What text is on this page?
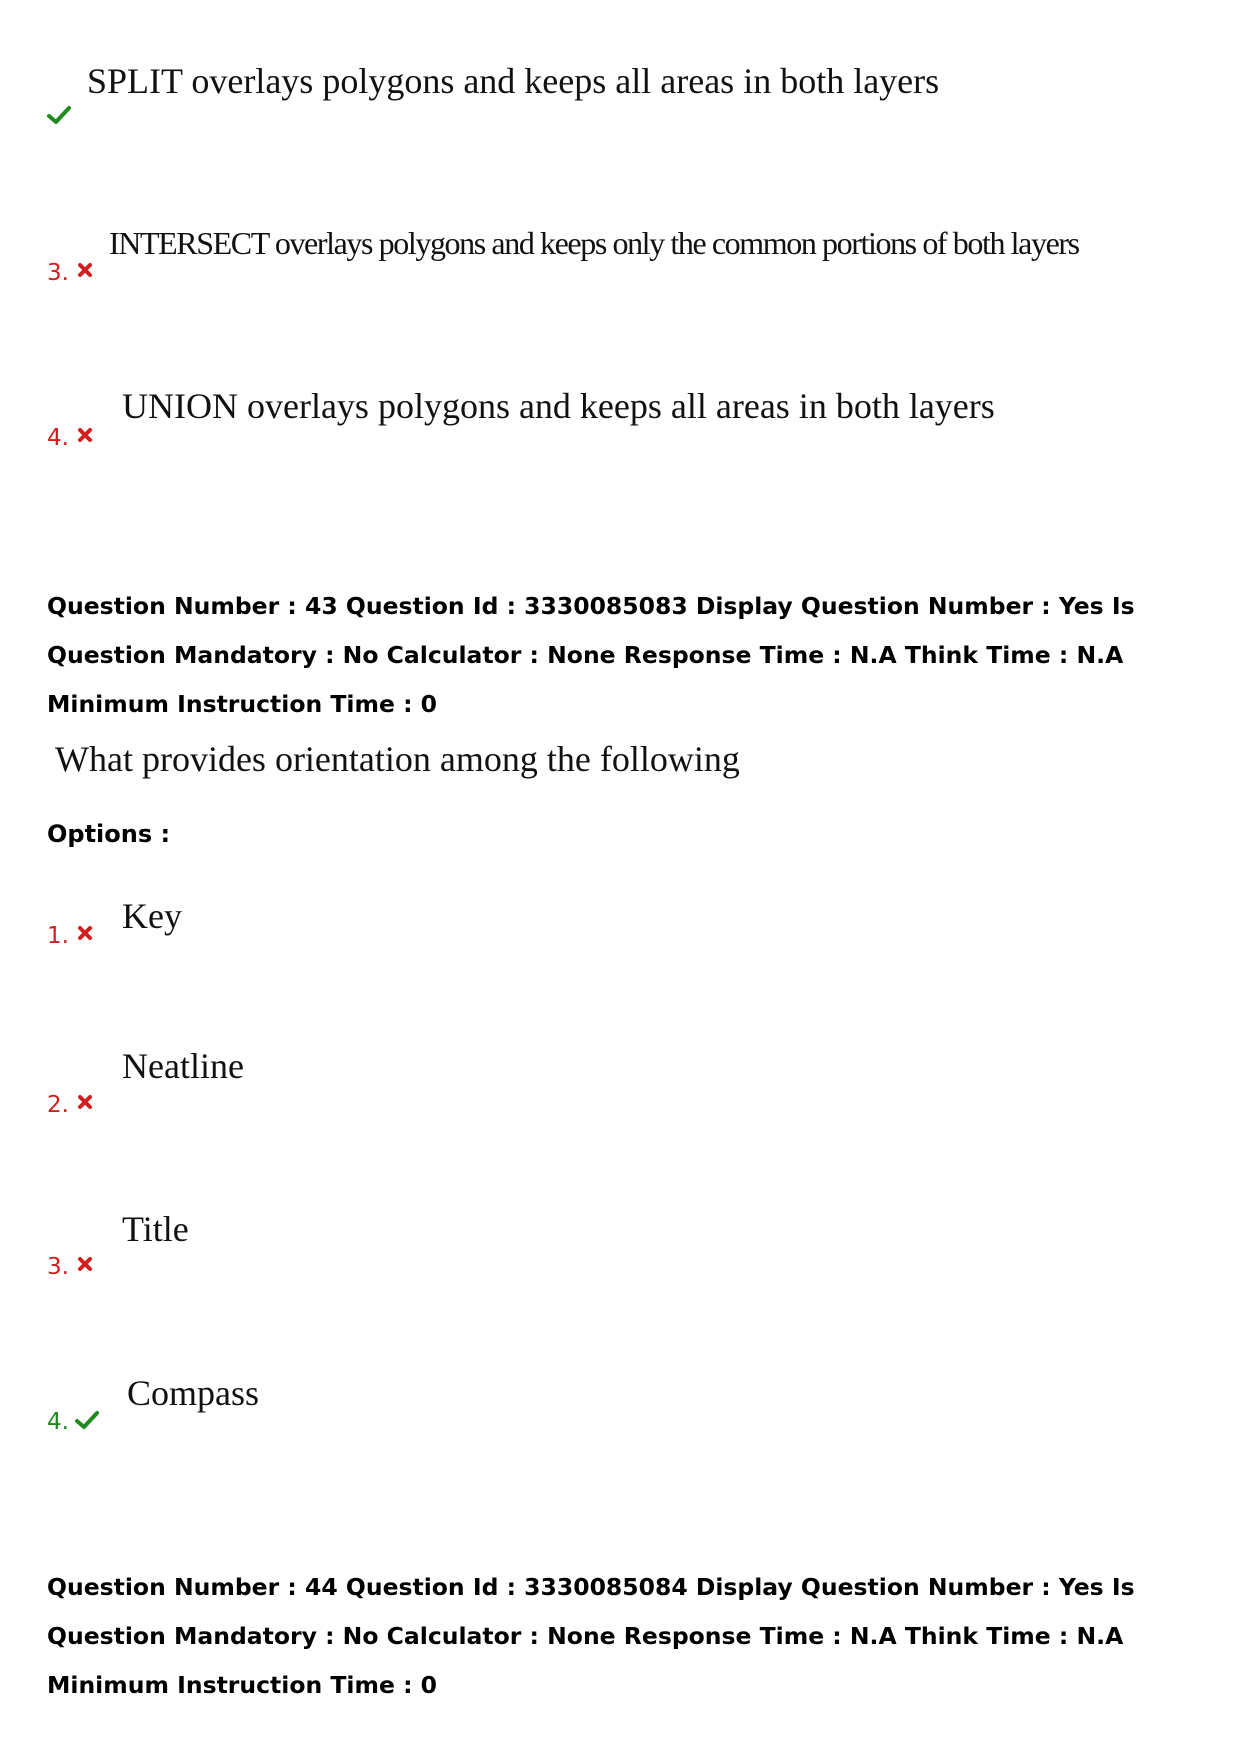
SPLIT overlays polygons and keeps all areas in both layers
3.
INTERSECT overlays polygons and keeps only the common portions of both layers
4.
UNION overlays polygons and keeps all areas in both layers
Question Number : 43 Question Id : 3330085083 Display Question Number : Yes Is Question Mandatory : No Calculator : None Response Time : N.A Think Time : N.A Minimum Instruction Time : 0
What provides orientation among the following
Options :
1. Key
2.
Neatline
3.
Title
4.
Compass
Question Number : 44 Question Id : 3330085084 Display Question Number : Yes Is Question Mandatory : No Calculator : None Response Time : N.A Think Time : N.A Minimum Instruction Time : 0
